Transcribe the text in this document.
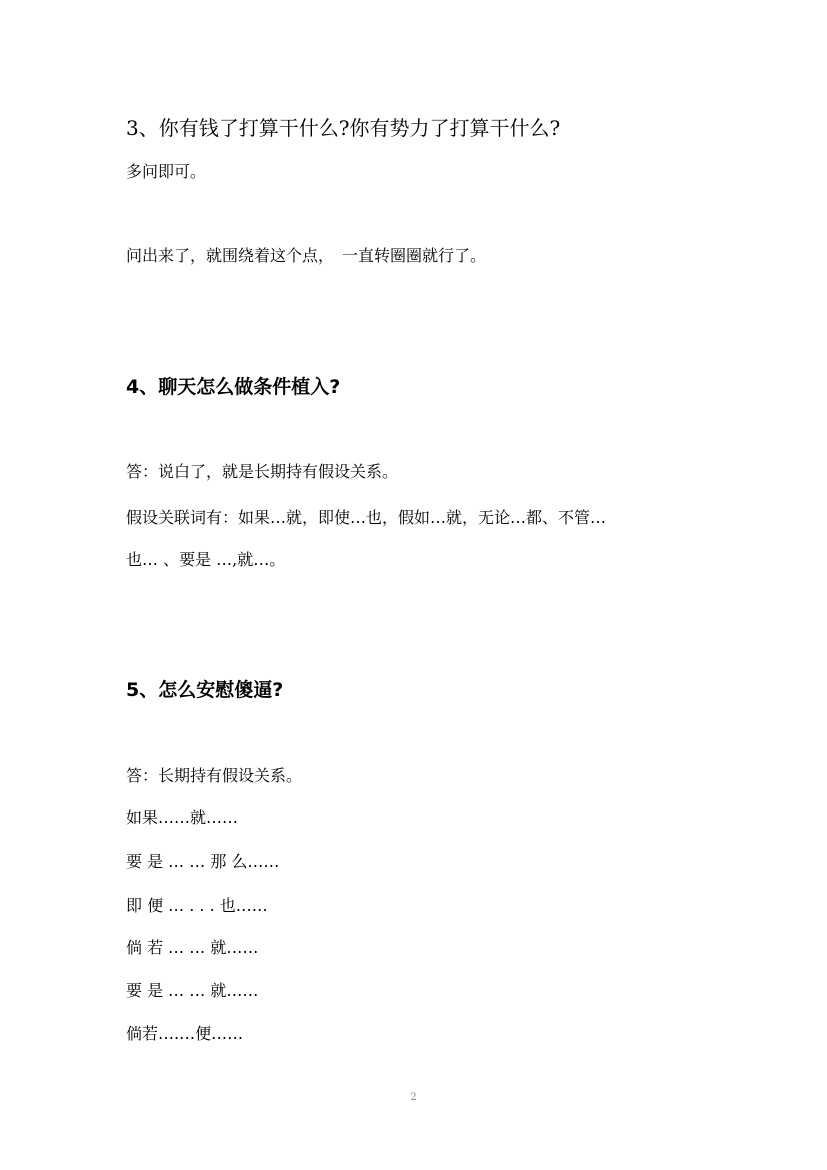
3、你有钱了打算干什么?你有势力了打算干什么?
多问即可。
问出来了，就围绕着这个点，　一直转圈圈就行了。
4、聊天怎么做条件植入?
答：说白了，就是长期持有假设关系。
假设关联词有：如果…就，即使…也，假如…就，无论…都、不管…
也… 、要是 …,就…。
5、怎么安慰傻逼?
答：长期持有假设关系。
如果……就……
要 是 … … 那 么……
即 便 … . . . 也……
倘 若 … … 就……
要 是 … … 就……
倘若….…便……
2
